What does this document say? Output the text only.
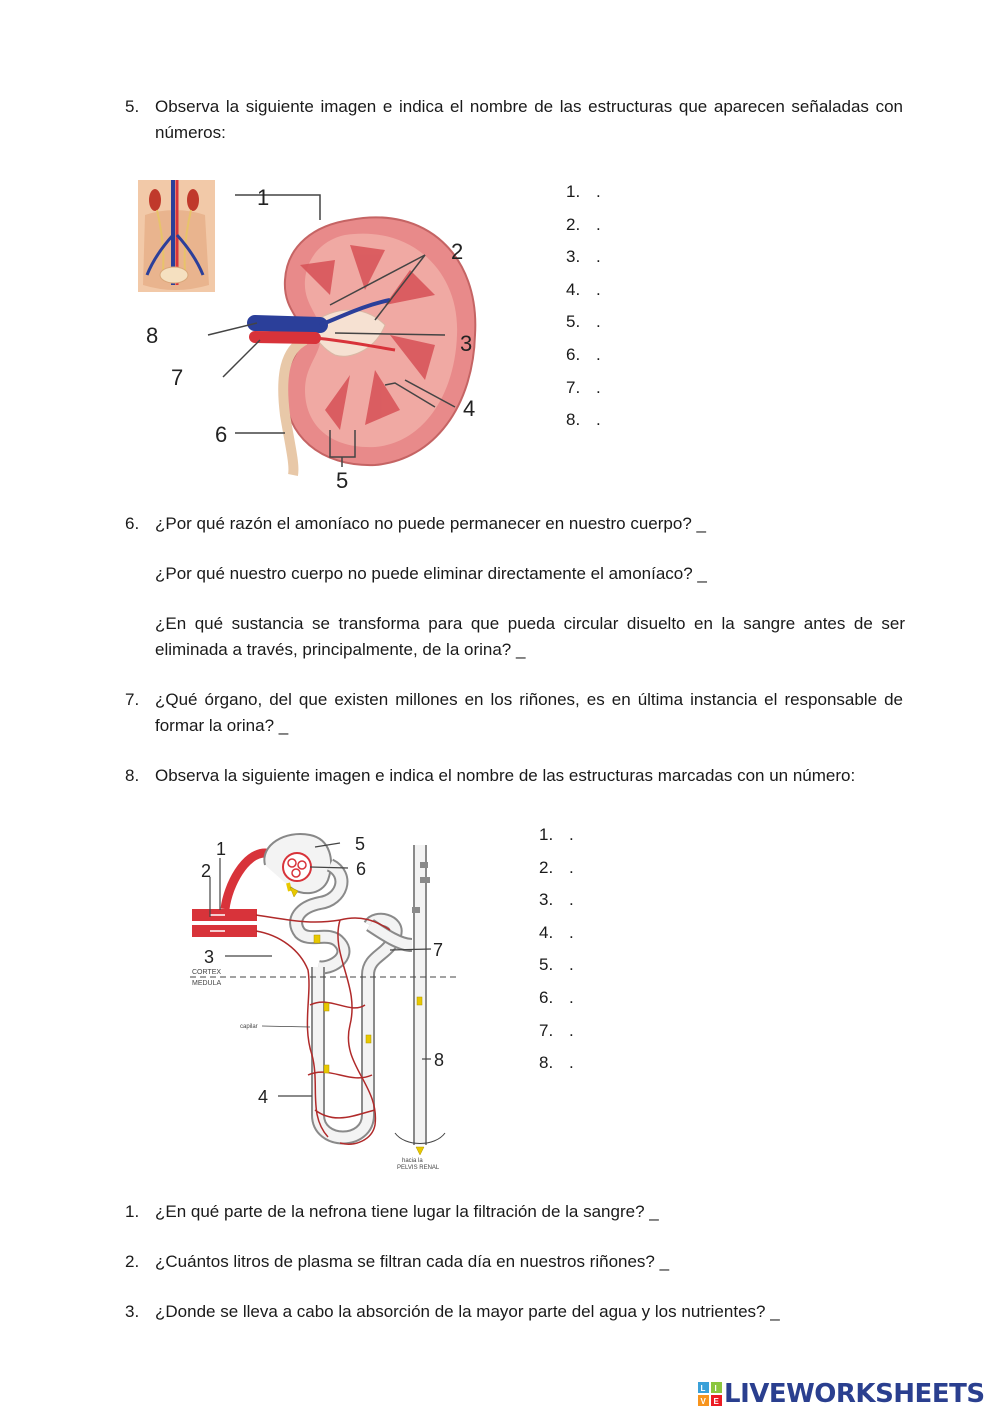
5. Observa la siguiente imagen e indica el nombre de las estructuras que aparecen señaladas con números:
1
2
3
4
5
6
7
8
1. .
2. .
3. .
4. .
5. .
6. .
7. .
8. .
6. ¿Por qué razón el amoníaco no puede permanecer en nuestro cuerpo? _
¿Por qué nuestro cuerpo no puede eliminar directamente el amoníaco? _
¿En qué sustancia se transforma para que pueda circular disuelto en la sangre antes de ser eliminada a través, principalmente, de la orina? _
7. ¿Qué órgano, del que existen millones en los riñones, es en última instancia el responsable de formar la orina? _
8. Observa la siguiente imagen e indica el nombre de las estructuras marcadas con un número:
CORTEX
MEDULA
capilar
hacia la
PELVIS RENAL
1
2
3
4
5
6
7
8
1. .
2. .
3. .
4. .
5. .
6. .
7. .
8. .
1. ¿En qué parte de la nefrona tiene lugar la filtración de la sangre? _
2. ¿Cuántos litros de plasma se filtran cada día en nuestros riñones? _
3. ¿Donde se lleva a cabo la absorción de la mayor parte del agua y los nutrientes? _
L I
V E LIVEWORKSHEETS
